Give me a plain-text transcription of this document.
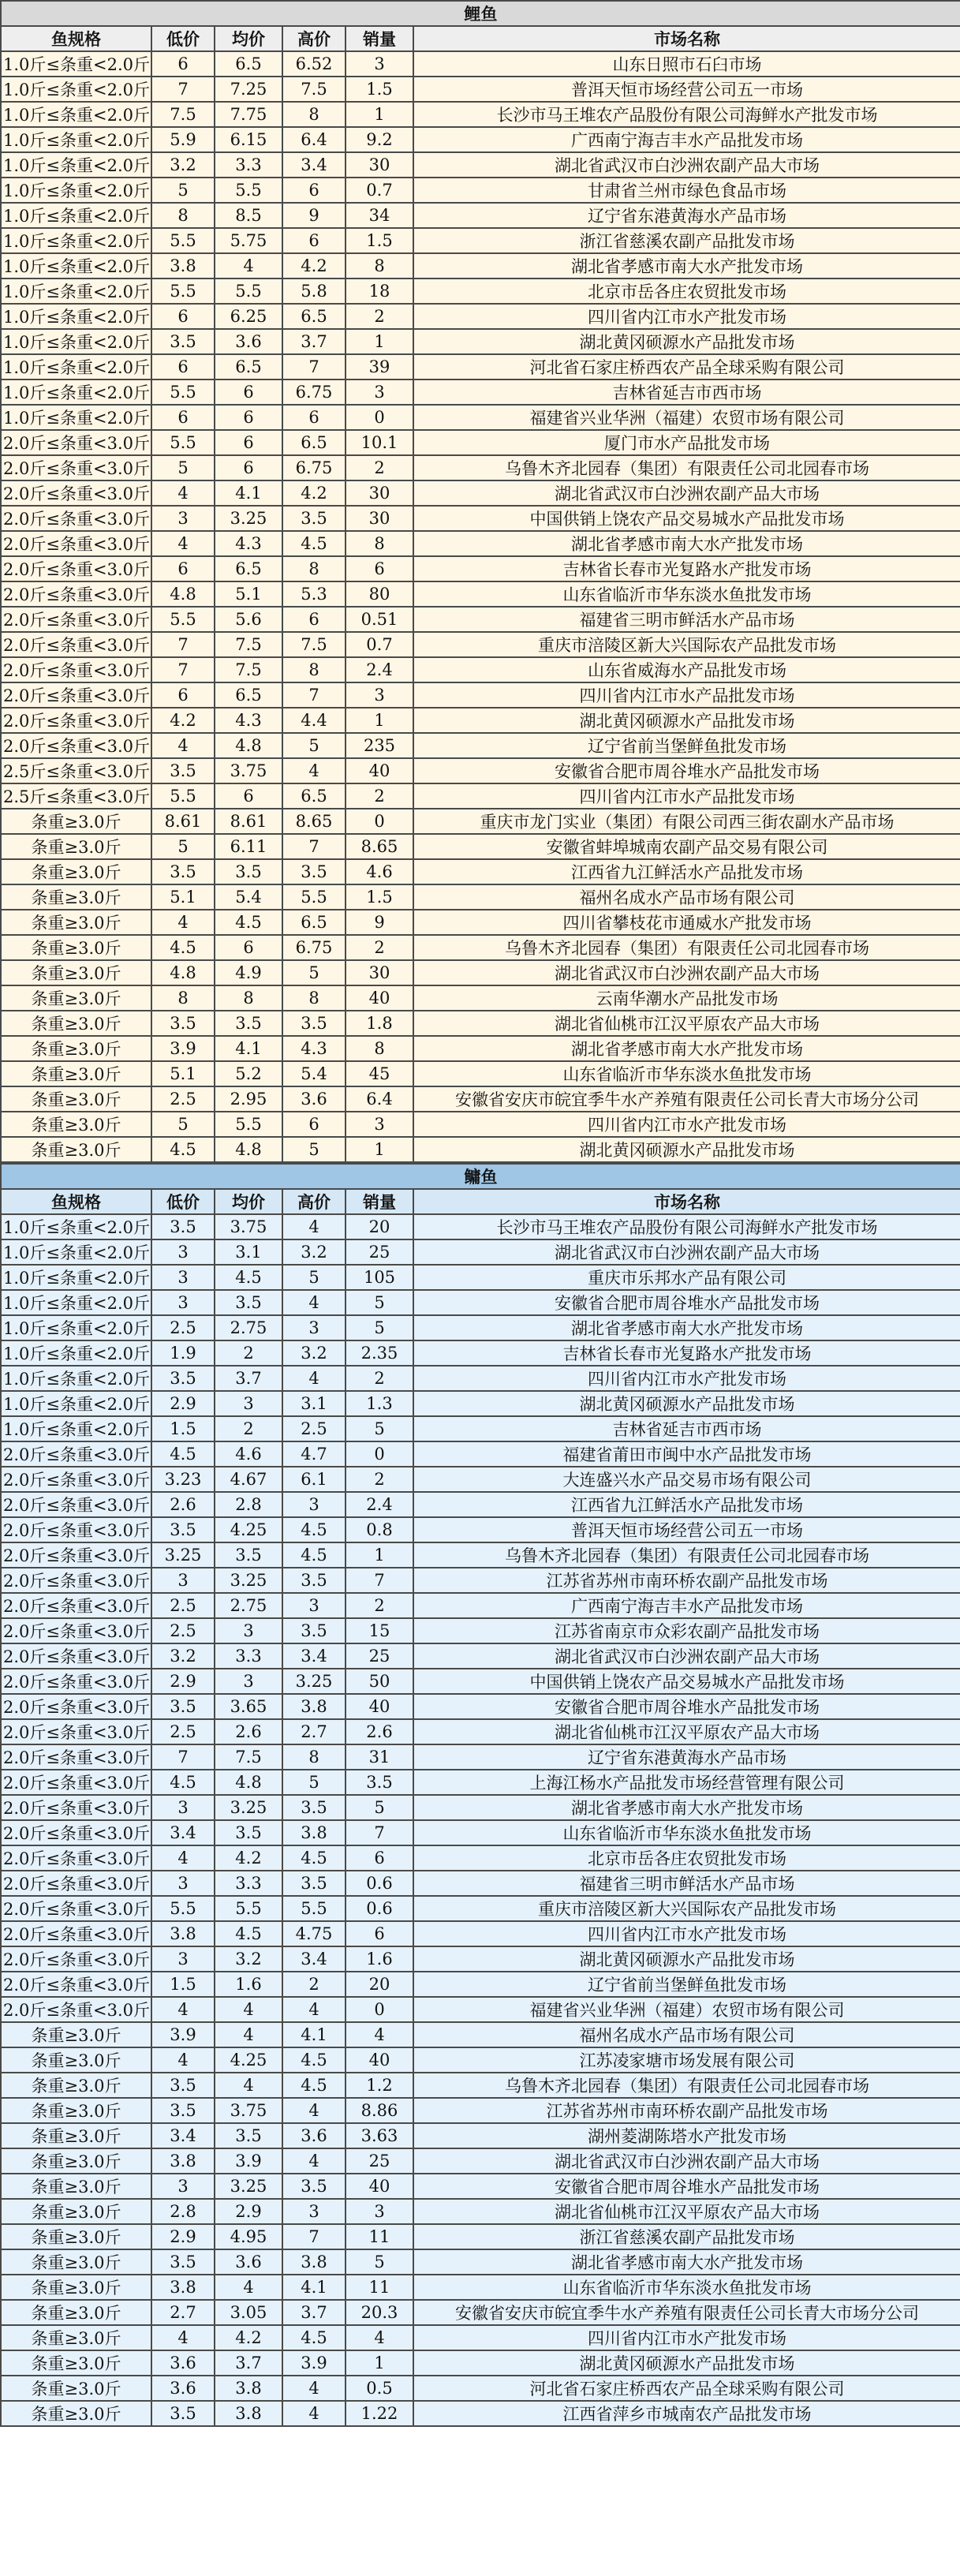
鲤鱼					
鱼规格	低价	均价	高价	销量	市场名称
1.0斤≤条重<2.0斤	6	6.5	6.52	3	山东日照市石臼市场
1.0斤≤条重<2.0斤	7	7.25	7.5	1.5	普洱天恒市场经营公司五一市场
1.0斤≤条重<2.0斤	7.5	7.75	8	1	长沙市马王堆农产品股份有限公司海鲜水产批发市场
1.0斤≤条重<2.0斤	5.9	6.15	6.4	9.2	广西南宁海吉丰水产品批发市场
1.0斤≤条重<2.0斤	3.2	3.3	3.4	30	湖北省武汉市白沙洲农副产品大市场
1.0斤≤条重<2.0斤	5	5.5	6	0.7	甘肃省兰州市绿色食品市场
1.0斤≤条重<2.0斤	8	8.5	9	34	辽宁省东港黄海水产品市场
1.0斤≤条重<2.0斤	5.5	5.75	6	1.5	浙江省慈溪农副产品批发市场
1.0斤≤条重<2.0斤	3.8	4	4.2	8	湖北省孝感市南大水产批发市场
1.0斤≤条重<2.0斤	5.5	5.5	5.8	18	北京市岳各庄农贸批发市场
1.0斤≤条重<2.0斤	6	6.25	6.5	2	四川省内江市水产批发市场
1.0斤≤条重<2.0斤	3.5	3.6	3.7	1	湖北黄冈硕源水产品批发市场
1.0斤≤条重<2.0斤	6	6.5	7	39	河北省石家庄桥西农产品全球采购有限公司
1.0斤≤条重<2.0斤	5.5	6	6.75	3	吉林省延吉市西市场
1.0斤≤条重<2.0斤	6	6	6	0	福建省兴业华洲（福建）农贸市场有限公司
2.0斤≤条重<3.0斤	5.5	6	6.5	10.1	厦门市水产品批发市场
2.0斤≤条重<3.0斤	5	6	6.75	2	乌鲁木齐北园春（集团）有限责任公司北园春市场
2.0斤≤条重<3.0斤	4	4.1	4.2	30	湖北省武汉市白沙洲农副产品大市场
2.0斤≤条重<3.0斤	3	3.25	3.5	30	中国供销上饶农产品交易城水产品批发市场
2.0斤≤条重<3.0斤	4	4.3	4.5	8	湖北省孝感市南大水产批发市场
2.0斤≤条重<3.0斤	6	6.5	8	6	吉林省长春市光复路水产批发市场
2.0斤≤条重<3.0斤	4.8	5.1	5.3	80	山东省临沂市华东淡水鱼批发市场
2.0斤≤条重<3.0斤	5.5	5.6	6	0.51	福建省三明市鲜活水产品市场
2.0斤≤条重<3.0斤	7	7.5	7.5	0.7	重庆市涪陵区新大兴国际农产品批发市场
2.0斤≤条重<3.0斤	7	7.5	8	2.4	山东省威海水产品批发市场
2.0斤≤条重<3.0斤	6	6.5	7	3	四川省内江市水产品批发市场
2.0斤≤条重<3.0斤	4.2	4.3	4.4	1	湖北黄冈硕源水产品批发市场
2.0斤≤条重<3.0斤	4	4.8	5	235	辽宁省前当堡鲜鱼批发市场
2.5斤≤条重<3.0斤	3.5	3.75	4	40	安徽省合肥市周谷堆水产品批发市场
2.5斤≤条重<3.0斤	5.5	6	6.5	2	四川省内江市水产品批发市场
条重≥3.0斤	8.61	8.61	8.65	0	重庆市龙门实业（集团）有限公司西三街农副水产品市场
条重≥3.0斤	5	6.11	7	8.65	安徽省蚌埠城南农副产品交易有限公司
条重≥3.0斤	3.5	3.5	3.5	4.6	江西省九江鲜活水产品批发市场
条重≥3.0斤	5.1	5.4	5.5	1.5	福州名成水产品市场有限公司
条重≥3.0斤	4	4.5	6.5	9	四川省攀枝花市通威水产批发市场
条重≥3.0斤	4.5	6	6.75	2	乌鲁木齐北园春（集团）有限责任公司北园春市场
条重≥3.0斤	4.8	4.9	5	30	湖北省武汉市白沙洲农副产品大市场
条重≥3.0斤	8	8	8	40	云南华潮水产品批发市场
条重≥3.0斤	3.5	3.5	3.5	1.8	湖北省仙桃市江汉平原农产品大市场
条重≥3.0斤	3.9	4.1	4.3	8	湖北省孝感市南大水产批发市场
条重≥3.0斤	5.1	5.2	5.4	45	山东省临沂市华东淡水鱼批发市场
条重≥3.0斤	2.5	2.95	3.6	6.4	安徽省安庆市皖宜季牛水产养殖有限责任公司长青大市场分公司
条重≥3.0斤	5	5.5	6	3	四川省内江市水产批发市场
条重≥3.0斤	4.5	4.8	5	1	湖北黄冈硕源水产品批发市场
鳙鱼					
鱼规格	低价	均价	高价	销量	市场名称
1.0斤≤条重<2.0斤	3.5	3.75	4	20	长沙市马王堆农产品股份有限公司海鲜水产批发市场
1.0斤≤条重<2.0斤	3	3.1	3.2	25	湖北省武汉市白沙洲农副产品大市场
1.0斤≤条重<2.0斤	3	4.5	5	105	重庆市乐邦水产品有限公司
1.0斤≤条重<2.0斤	3	3.5	4	5	安徽省合肥市周谷堆水产品批发市场
1.0斤≤条重<2.0斤	2.5	2.75	3	5	湖北省孝感市南大水产批发市场
1.0斤≤条重<2.0斤	1.9	2	3.2	2.35	吉林省长春市光复路水产批发市场
1.0斤≤条重<2.0斤	3.5	3.7	4	2	四川省内江市水产批发市场
1.0斤≤条重<2.0斤	2.9	3	3.1	1.3	湖北黄冈硕源水产品批发市场
1.0斤≤条重<2.0斤	1.5	2	2.5	5	吉林省延吉市西市场
2.0斤≤条重<3.0斤	4.5	4.6	4.7	0	福建省莆田市闽中水产品批发市场
2.0斤≤条重<3.0斤	3.23	4.67	6.1	2	大连盛兴水产品交易市场有限公司
2.0斤≤条重<3.0斤	2.6	2.8	3	2.4	江西省九江鲜活水产品批发市场
2.0斤≤条重<3.0斤	3.5	4.25	4.5	0.8	普洱天恒市场经营公司五一市场
2.0斤≤条重<3.0斤	3.25	3.5	4.5	1	乌鲁木齐北园春（集团）有限责任公司北园春市场
2.0斤≤条重<3.0斤	3	3.25	3.5	7	江苏省苏州市南环桥农副产品批发市场
2.0斤≤条重<3.0斤	2.5	2.75	3	2	广西南宁海吉丰水产品批发市场
2.0斤≤条重<3.0斤	2.5	3	3.5	15	江苏省南京市众彩农副产品批发市场
2.0斤≤条重<3.0斤	3.2	3.3	3.4	25	湖北省武汉市白沙洲农副产品大市场
2.0斤≤条重<3.0斤	2.9	3	3.25	50	中国供销上饶农产品交易城水产品批发市场
2.0斤≤条重<3.0斤	3.5	3.65	3.8	40	安徽省合肥市周谷堆水产品批发市场
2.0斤≤条重<3.0斤	2.5	2.6	2.7	2.6	湖北省仙桃市江汉平原农产品大市场
2.0斤≤条重<3.0斤	7	7.5	8	31	辽宁省东港黄海水产品市场
2.0斤≤条重<3.0斤	4.5	4.8	5	3.5	上海江杨水产品批发市场经营管理有限公司
2.0斤≤条重<3.0斤	3	3.25	3.5	5	湖北省孝感市南大水产批发市场
2.0斤≤条重<3.0斤	3.4	3.5	3.8	7	山东省临沂市华东淡水鱼批发市场
2.0斤≤条重<3.0斤	4	4.2	4.5	6	北京市岳各庄农贸批发市场
2.0斤≤条重<3.0斤	3	3.3	3.5	0.6	福建省三明市鲜活水产品市场
2.0斤≤条重<3.0斤	5.5	5.5	5.5	0.6	重庆市涪陵区新大兴国际农产品批发市场
2.0斤≤条重<3.0斤	3.8	4.5	4.75	6	四川省内江市水产批发市场
2.0斤≤条重<3.0斤	3	3.2	3.4	1.6	湖北黄冈硕源水产品批发市场
2.0斤≤条重<3.0斤	1.5	1.6	2	20	辽宁省前当堡鲜鱼批发市场
2.0斤≤条重<3.0斤	4	4	4	0	福建省兴业华洲（福建）农贸市场有限公司
条重≥3.0斤	3.9	4	4.1	4	福州名成水产品市场有限公司
条重≥3.0斤	4	4.25	4.5	40	江苏凌家塘市场发展有限公司
条重≥3.0斤	3.5	4	4.5	1.2	乌鲁木齐北园春（集团）有限责任公司北园春市场
条重≥3.0斤	3.5	3.75	4	8.86	江苏省苏州市南环桥农副产品批发市场
条重≥3.0斤	3.4	3.5	3.6	3.63	湖州菱湖陈塔水产批发市场
条重≥3.0斤	3.8	3.9	4	25	湖北省武汉市白沙洲农副产品大市场
条重≥3.0斤	3	3.25	3.5	40	安徽省合肥市周谷堆水产品批发市场
条重≥3.0斤	2.8	2.9	3	3	湖北省仙桃市江汉平原农产品大市场
条重≥3.0斤	2.9	4.95	7	11	浙江省慈溪农副产品批发市场
条重≥3.0斤	3.5	3.6	3.8	5	湖北省孝感市南大水产批发市场
条重≥3.0斤	3.8	4	4.1	11	山东省临沂市华东淡水鱼批发市场
条重≥3.0斤	2.7	3.05	3.7	20.3	安徽省安庆市皖宜季牛水产养殖有限责任公司长青大市场分公司
条重≥3.0斤	4	4.2	4.5	4	四川省内江市水产批发市场
条重≥3.0斤	3.6	3.7	3.9	1	湖北黄冈硕源水产品批发市场
条重≥3.0斤	3.6	3.8	4	0.5	河北省石家庄桥西农产品全球采购有限公司
条重≥3.0斤	3.5	3.8	4	1.22	江西省萍乡市城南农产品批发市场
